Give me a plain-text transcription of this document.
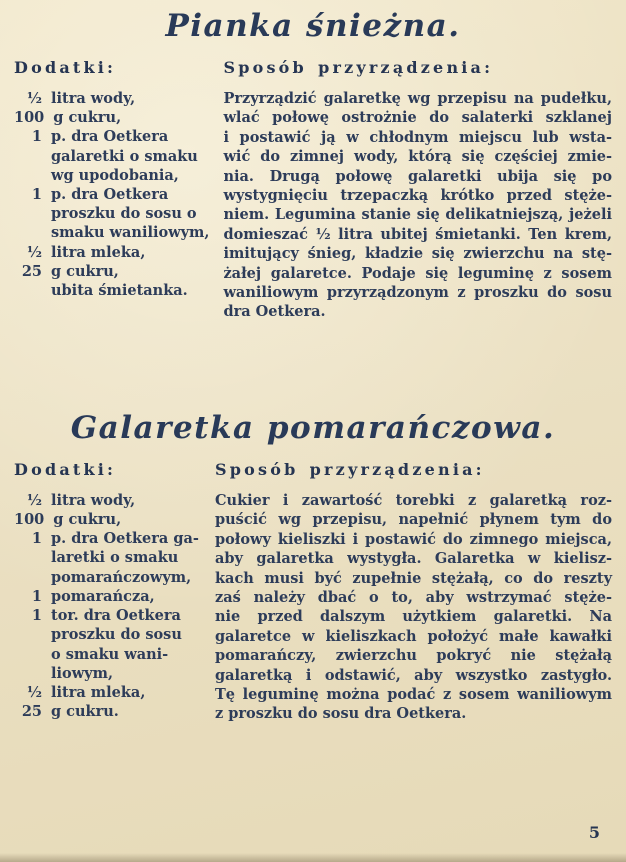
Pianka śnieżna.
Dodatki:
½ litra wody,
100 g cukru,
1 p. dra Oetkera
galaretki o smaku
wg upodobania,
1 p. dra Oetkera
proszku do sosu o
smaku waniliowym,
½ litra mleka,
25 g cukru,
ubita śmietanka.
Sposób przyrządzenia:
Przyrządzić galaretkę wg przepisu na pudełku,
wlać połowę ostrożnie do salaterki szklanej
i postawić ją w chłodnym miejscu lub wsta-
wić do zimnej wody, którą się częściej zmie-
nia. Drugą połowę galaretki ubija się po
wystygnięciu trzepaczką krótko przed stęże-
niem. Legumina stanie się delikatniejszą, jeżeli
domieszać ½ litra ubitej śmietanki. Ten krem,
imitujący śnieg, kładzie się zwierzchu na stę-
żałej galaretce. Podaje się leguminę z sosem
waniliowym przyrządzonym z proszku do sosu
dra Oetkera.
Galaretka pomarańczowa.
Dodatki:
½ litra wody,
100 g cukru,
1 p. dra Oetkera ga-
laretki o smaku
pomarańczowym,
1 pomarańcza,
1 tor. dra Oetkera
proszku do sosu
o smaku wani-
liowym,
½ litra mleka,
25 g cukru.
Sposób przyrządzenia:
Cukier i zawartość torebki z galaretką roz-
puścić wg przepisu, napełnić płynem tym do
połowy kieliszki i postawić do zimnego miejsca,
aby galaretka wystygła. Galaretka w kielisz-
kach musi być zupełnie stężałą, co do reszty
zaś należy dbać o to, aby wstrzymać stęże-
nie przed dalszym użytkiem galaretki. Na
galaretce w kieliszkach położyć małe kawałki
pomarańczy, zwierzchu pokryć nie stężałą
galaretką i odstawić, aby wszystko zastygło.
Tę leguminę można podać z sosem waniliowym
z proszku do sosu dra Oetkera.
5
